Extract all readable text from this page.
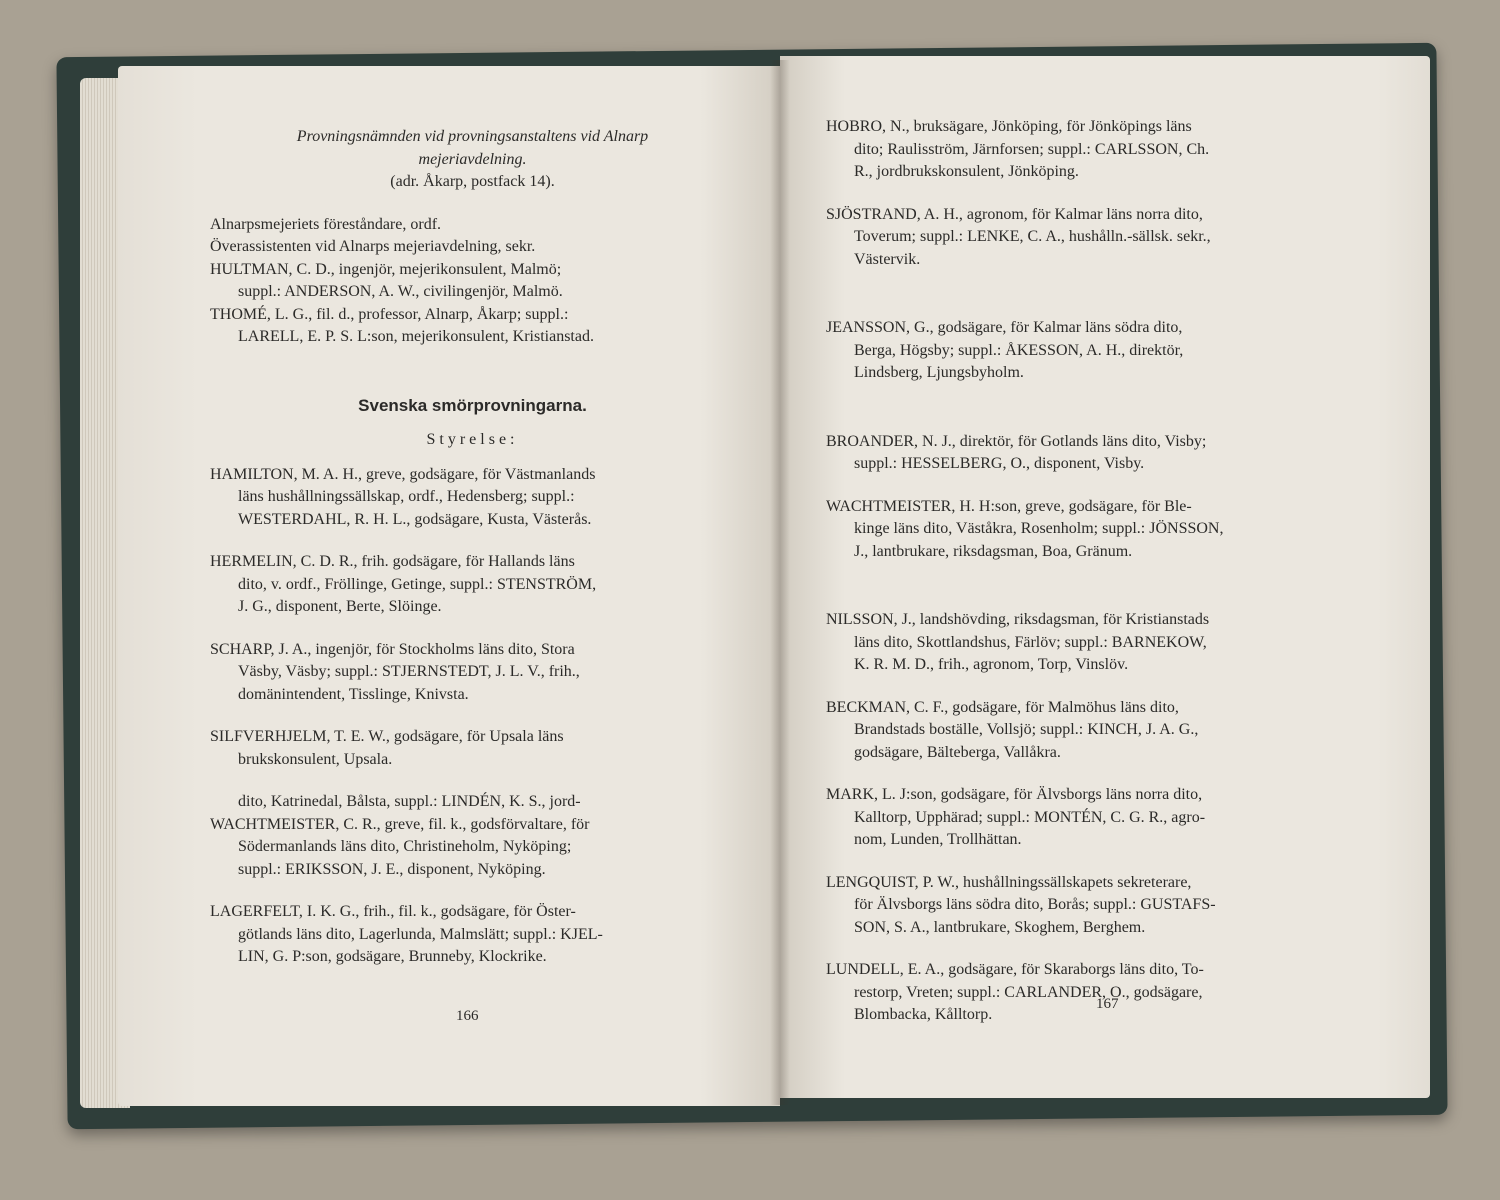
Provningsnämnden vid provningsanstaltens vid Alnarp

mejeriavdelning.

(adr. Åkarp, postfack 14).

Alnarpsmejeriets föreståndare, ordf.

Överassistenten vid Alnarps mejeriavdelning, sekr.

HULTMAN, C. D., ingenjör, mejerikonsulent, Malmö;
suppl.: ANDERSON, A. W., civilingenjör, Malmö.
THOMÉ, L. G., fil. d., professor, Alnarp, Åkarp; suppl.:
LARELL, E. P. S. L:son, mejerikonsulent, Kristianstad.

Svenska smörprovningarna.

Styrelse:

HAMILTON, M. A. H., greve, godsägare, för Västmanlands
läns hushållningssällskap, ordf., Hedensberg; suppl.:
WESTERDAHL, R. H. L., godsägare, Kusta, Västerås.
HERMELIN, C. D. R., frih. godsägare, för Hallands läns
dito, v. ordf., Fröllinge, Getinge, suppl.: STENSTRÖM,
J. G., disponent, Berte, Slöinge.
SCHARP, J. A., ingenjör, för Stockholms läns dito, Stora
Väsby, Väsby; suppl.: STJERNSTEDT, J. L. V., frih.,
domänintendent, Tisslinge, Knivsta.
SILFVERHJELM, T. E. W., godsägare, för Upsala läns
brukskonsulent, Upsala.
dito, Katrinedal, Bålsta, suppl.: LINDÉN, K. S., jord-
WACHTMEISTER, C. R., greve, fil. k., godsförvaltare, för
Södermanlands läns dito, Christineholm, Nyköping;
suppl.: ERIKSSON, J. E., disponent, Nyköping.
LAGERFELT, I. K. G., frih., fil. k., godsägare, för Öster-
götlands läns dito, Lagerlunda, Malmslätt; suppl.: KJEL-
LIN, G. P:son, godsägare, Brunneby, Klockrike.
166
HOBRO, N., bruksägare, Jönköping, för Jönköpings läns
dito; Raulisström, Järnforsen; suppl.: CARLSSON, Ch.
R., jordbrukskonsulent, Jönköping.
SJÖSTRAND, A. H., agronom, för Kalmar läns norra dito,
Toverum; suppl.: LENKE, C. A., hushålln.-sällsk. sekr.,
Västervik.
JEANSSON, G., godsägare, för Kalmar läns södra dito,
Berga, Högsby; suppl.: ÅKESSON, A. H., direktör,
Lindsberg, Ljungsbyholm.
BROANDER, N. J., direktör, för Gotlands läns dito, Visby;
suppl.: HESSELBERG, O., disponent, Visby.
WACHTMEISTER, H. H:son, greve, godsägare, för Ble-
kinge läns dito, Väståkra, Rosenholm; suppl.: JÖNSSON,
J., lantbrukare, riksdagsman, Boa, Gränum.
NILSSON, J., landshövding, riksdagsman, för Kristianstads
läns dito, Skottlandshus, Färlöv; suppl.: BARNEKOW,
K. R. M. D., frih., agronom, Torp, Vinslöv.
BECKMAN, C. F., godsägare, för Malmöhus läns dito,
Brandstads boställe, Vollsjö; suppl.: KINCH, J. A. G.,
godsägare, Bälteberga, Vallåkra.
MARK, L. J:son, godsägare, för Älvsborgs läns norra dito,
Kalltorp, Upphärad; suppl.: MONTÉN, C. G. R., agro-
nom, Lunden, Trollhättan.
LENGQUIST, P. W., hushållningssällskapets sekreterare,
för Älvsborgs läns södra dito, Borås; suppl.: GUSTAFS-
SON, S. A., lantbrukare, Skoghem, Berghem.
LUNDELL, E. A., godsägare, för Skaraborgs läns dito, To-
restorp, Vreten; suppl.: CARLANDER, O., godsägare,
Blombacka, Kålltorp.
167
